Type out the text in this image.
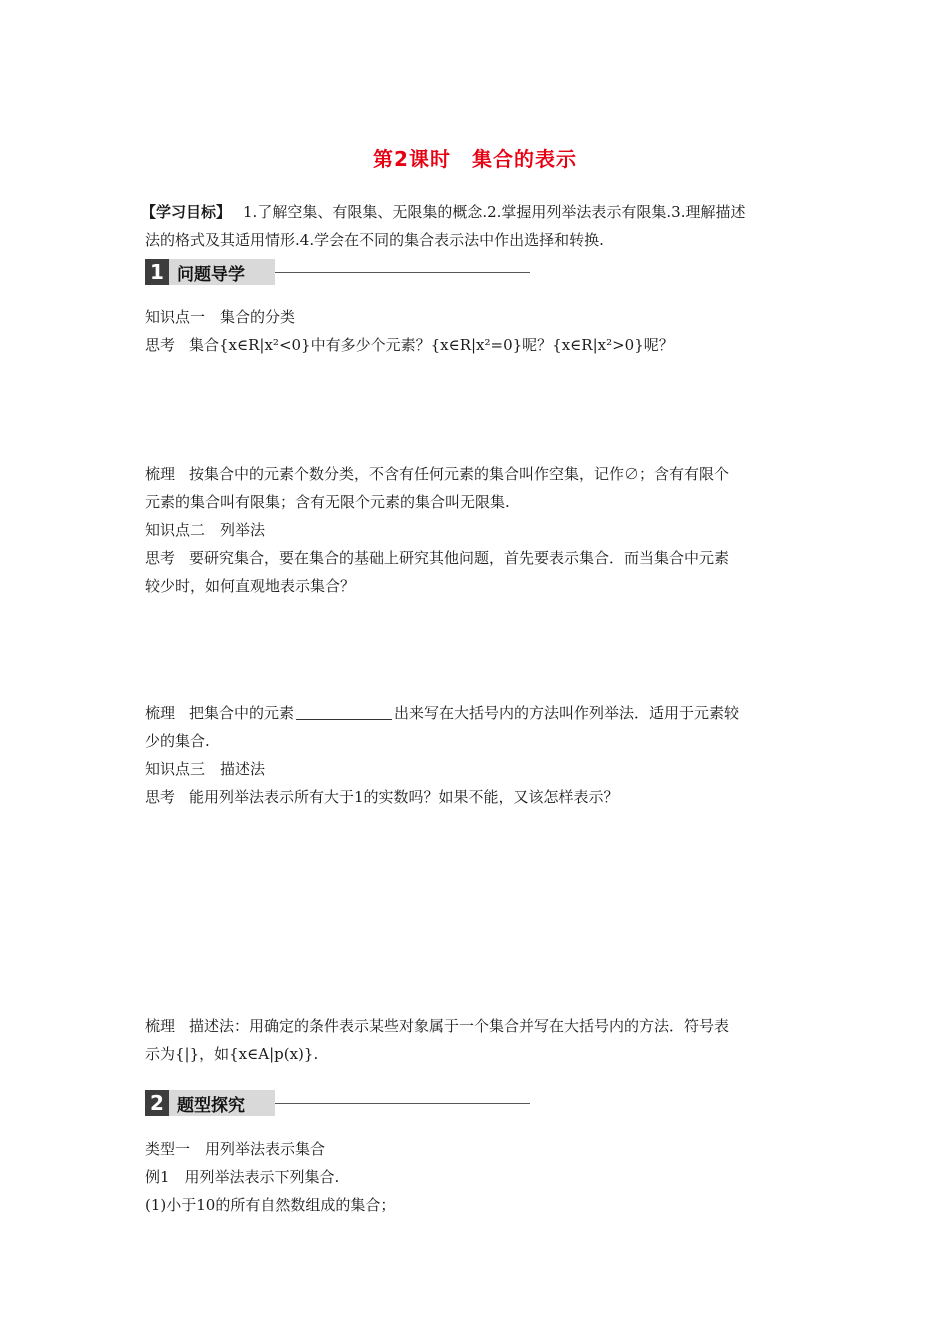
第2课时　集合的表示
【学习目标】 1.了解空集、有限集、无限集的概念.2.掌握用列举法表示有限集.3.理解描述
法的格式及其适用情形.4.学会在不同的集合表示法中作出选择和转换.
1 问题导学
知识点一　集合的分类
思考 集合{x∈R|x²<0}中有多少个元素？{x∈R|x²=0}呢？{x∈R|x²>0}呢？
梳理 按集合中的元素个数分类，不含有任何元素的集合叫作空集，记作∅；含有有限个
元素的集合叫有限集；含有无限个元素的集合叫无限集.
知识点二　列举法
思考 要研究集合，要在集合的基础上研究其他问题，首先要表示集合．而当集合中元素
较少时，如何直观地表示集合？
梳理 把集合中的元素	出来写在大括号内的方法叫作列举法．适用于元素较
少的集合.
知识点三　描述法
思考 能用列举法表示所有大于1的实数吗？如果不能，又该怎样表示？
梳理 描述法：用确定的条件表示某些对象属于一个集合并写在大括号内的方法．符号表
示为{|}，如{x∈A|p(x)}.
2 题型探究
类型一　用列举法表示集合
例1　用列举法表示下列集合.
(1)小于10的所有自然数组成的集合；
